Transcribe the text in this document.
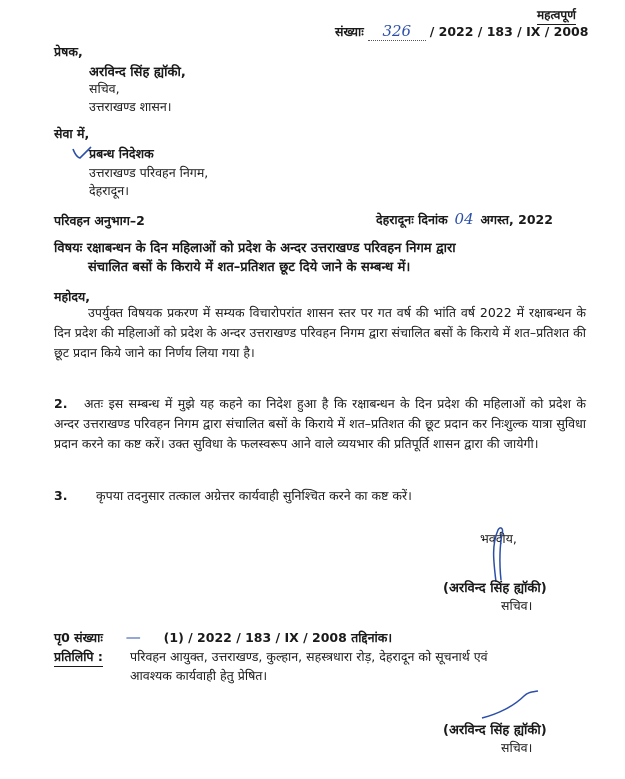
महत्वपूर्ण
संख्याः 326 / 2022 / 183 / IX / 2008
प्रेषक,
अरविन्द सिंह ह्यॉकी,
सचिव,
उत्तराखण्ड शासन।
सेवा में,
प्रबन्ध निदेशक
उत्तराखण्ड परिवहन निगम,
देहरादून।
परिवहन अनुभाग–2	देहरादूनः दिनांक 04 अगस्त, 2022
विषयः रक्षाबन्धन के दिन महिलाओं को प्रदेश के अन्दर उत्तराखण्ड परिवहन निगम द्वारा
संचालित बसों के किराये में शत–प्रतिशत छूट दिये जाने के सम्बन्ध में।
महोदय,
उपर्युक्त विषयक प्रकरण में सम्यक विचारोपरांत शासन स्तर पर गत वर्ष की भांति वर्ष 2022 में रक्षाबन्धन के दिन प्रदेश की महिलाओं को प्रदेश के अन्दर उत्तराखण्ड परिवहन निगम द्वारा संचालित बसों के किराये में शत–प्रतिशत की छूट प्रदान किये जाने का निर्णय लिया गया है।
2. अतः इस सम्बन्ध में मुझे यह कहने का निदेश हुआ है कि रक्षाबन्धन के दिन प्रदेश की महिलाओं को प्रदेश के अन्दर उत्तराखण्ड परिवहन निगम द्वारा संचालित बसों के किराये में शत–प्रतिशत की छूट प्रदान कर निःशुल्क यात्रा सुविधा प्रदान करने का कष्ट करें। उक्त सुविधा के फलस्वरूप आने वाले व्ययभार की प्रतिपूर्ति शासन द्वारा की जायेगी।
3. कृपया तदनुसार तत्काल अग्रेत्तर कार्यवाही सुनिश्चित करने का कष्ट करें।
भवदीय,
(अरविन्द सिंह ह्यॉकी)
सचिव।
पृ0 संख्याः — (1) / 2022 / 183 / IX / 2008 तद्दिनांक।
प्रतिलिपि : परिवहन आयुक्त, उत्तराखण्ड, कुल्हान, सहस्त्रधारा रोड़, देहरादून को सूचनार्थ एवं
आवश्यक कार्यवाही हेतु प्रेषित।
(अरविन्द सिंह ह्यॉकी)
सचिव।
